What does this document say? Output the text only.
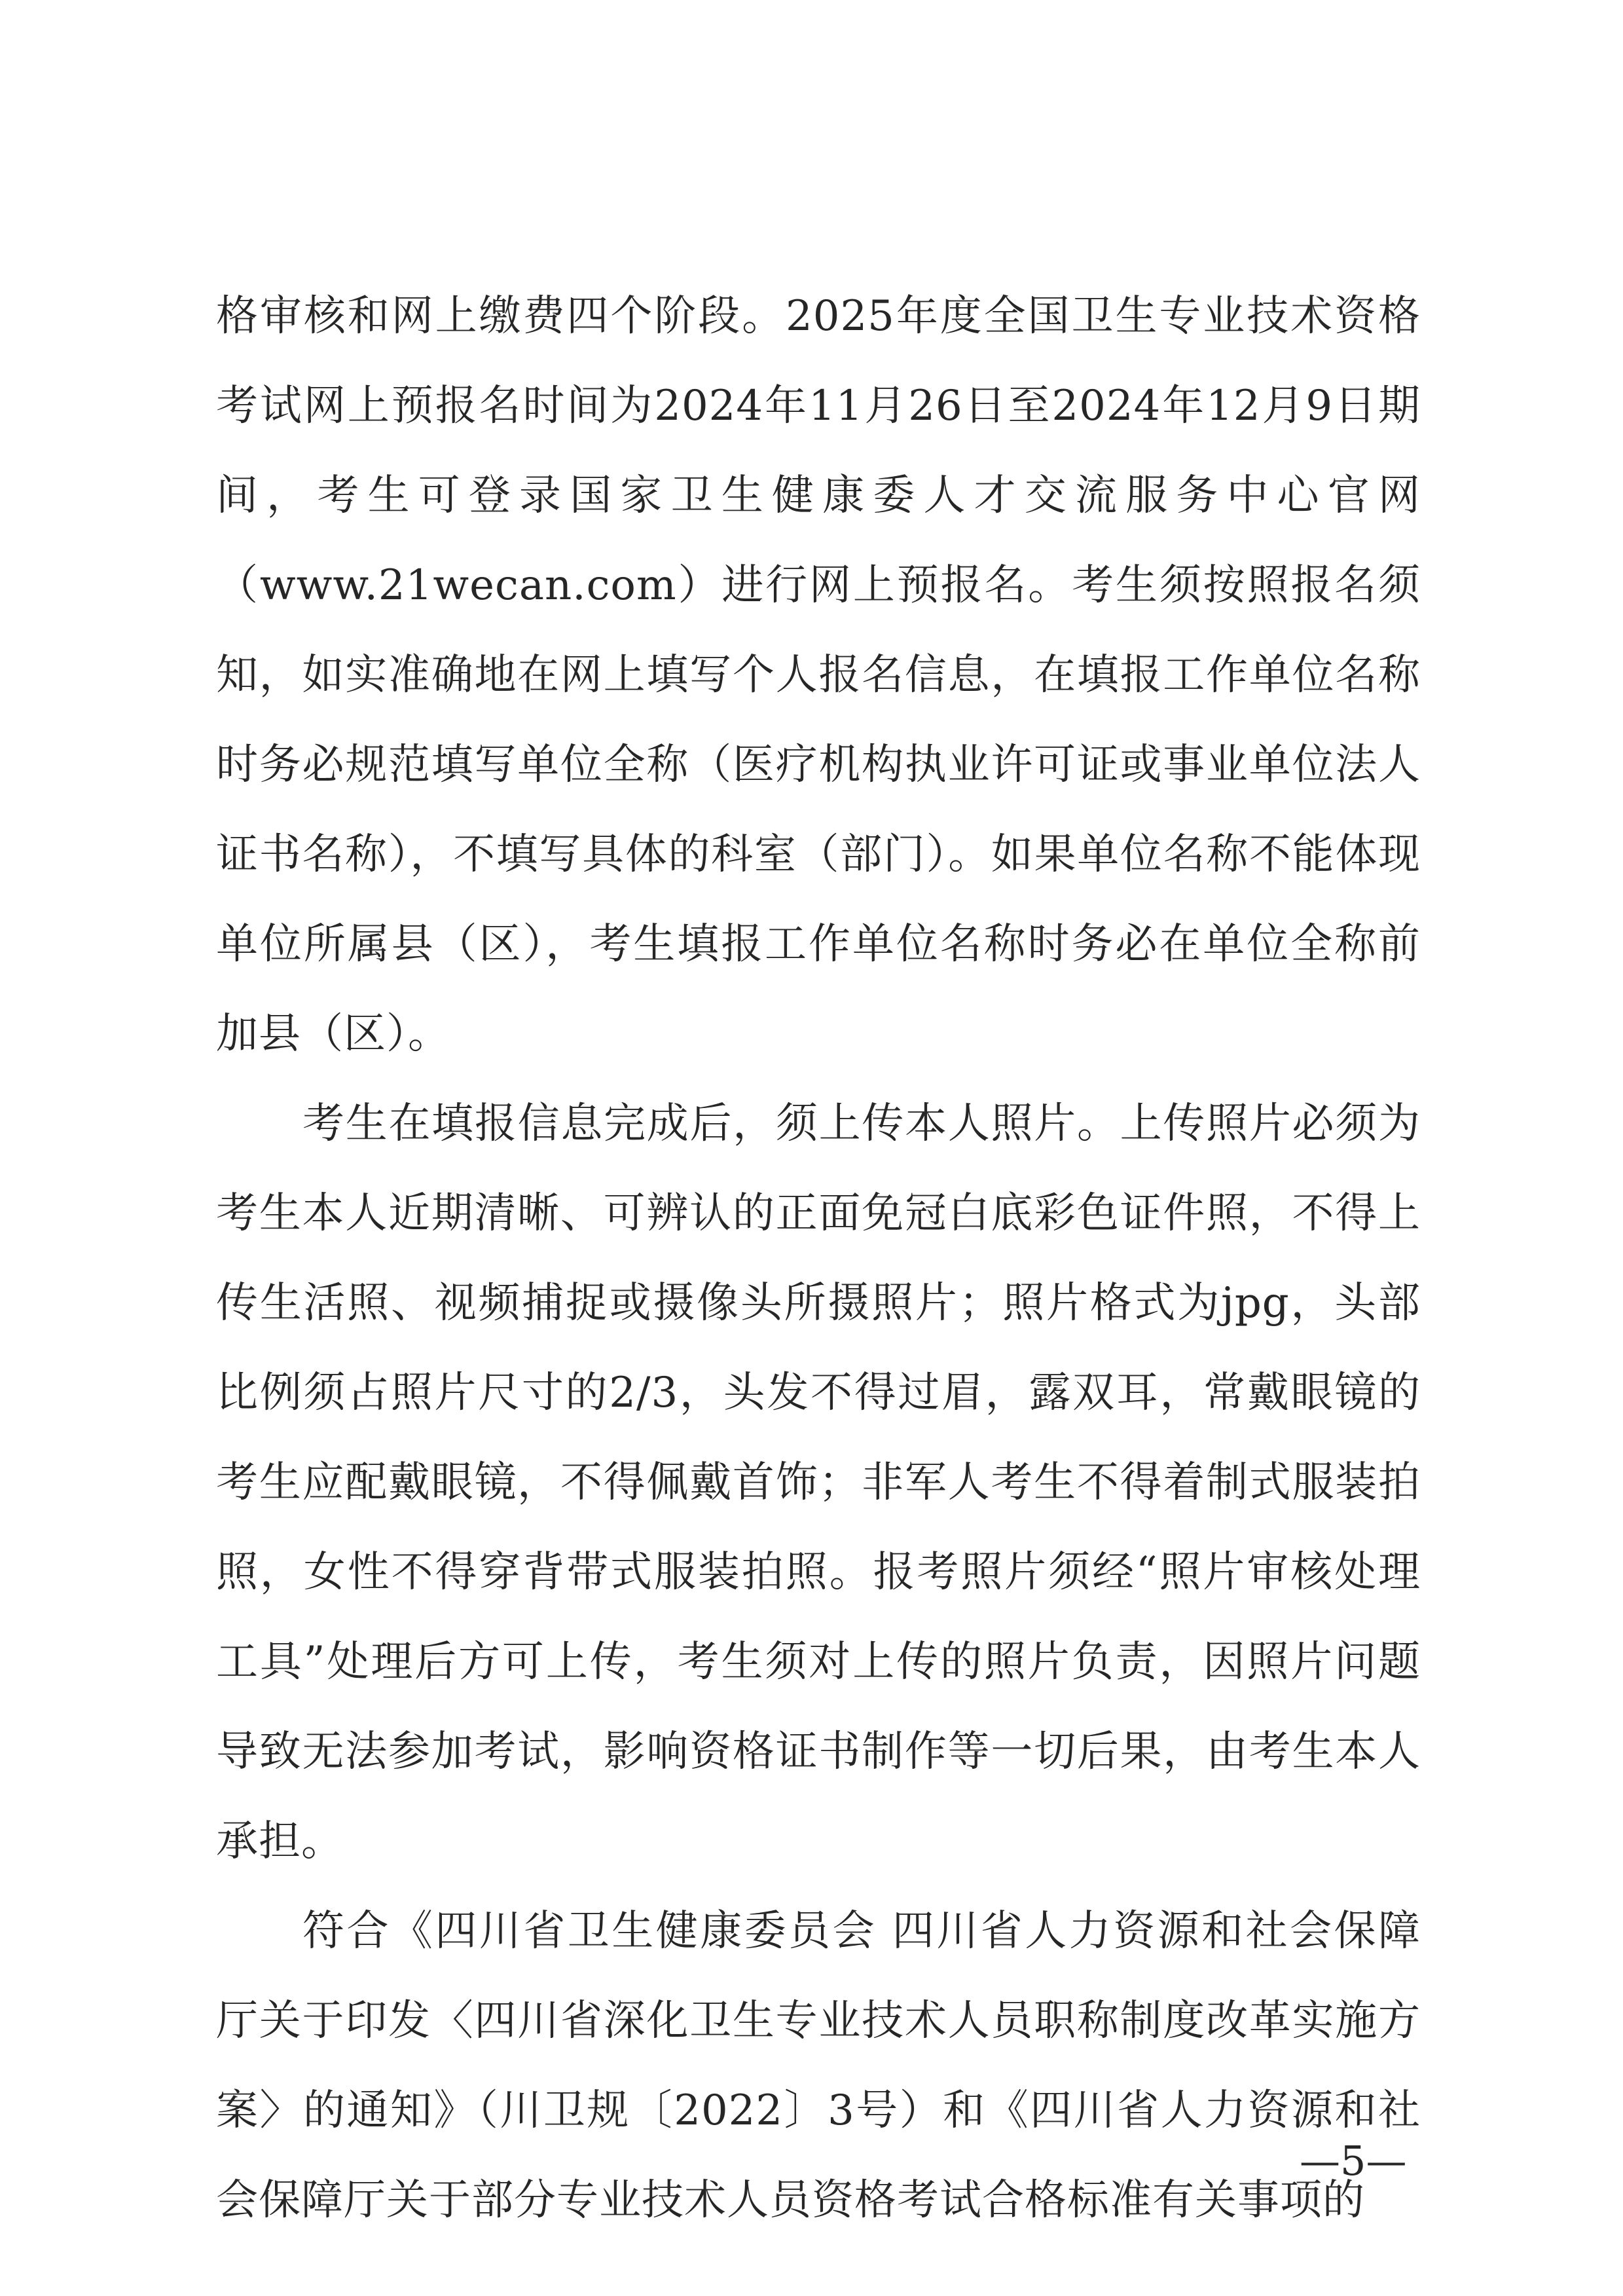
格审核和网上缴费四个阶段。2025年度全国卫生专业技术资格考试网上预报名时间为2024年11月26日至2024年12月9日期间，考生可登录国家卫生健康委人才交流服务中心官网（www.21wecan.com）进行网上预报名。考生须按照报名须知，如实准确地在网上填写个人报名信息，在填报工作单位名称时务必规范填写单位全称（医疗机构执业许可证或事业单位法人证书名称），不填写具体的科室（部门）。如果单位名称不能体现单位所属县（区），考生填报工作单位名称时务必在单位全称前加县（区）。

考生在填报信息完成后，须上传本人照片。上传照片必须为考生本人近期清晰、可辨认的正面免冠白底彩色证件照，不得上传生活照、视频捕捉或摄像头所摄照片；照片格式为jpg，头部比例须占照片尺寸的2/3，头发不得过眉，露双耳，常戴眼镜的考生应配戴眼镜，不得佩戴首饰；非军人考生不得着制式服装拍照，女性不得穿背带式服装拍照。报考照片须经“照片审核处理工具”处理后方可上传，考生须对上传的照片负责，因照片问题导致无法参加考试，影响资格证书制作等一切后果，由考生本人承担。

符合《四川省卫生健康委员会 四川省人力资源和社会保障厅关于印发〈四川省深化卫生专业技术人员职称制度改革实施方案〉的通知》（川卫规〔2022〕3号）和《四川省人力资源和社会保障厅关于部分专业技术人员资格考试合格标准有关事项的

—5—
